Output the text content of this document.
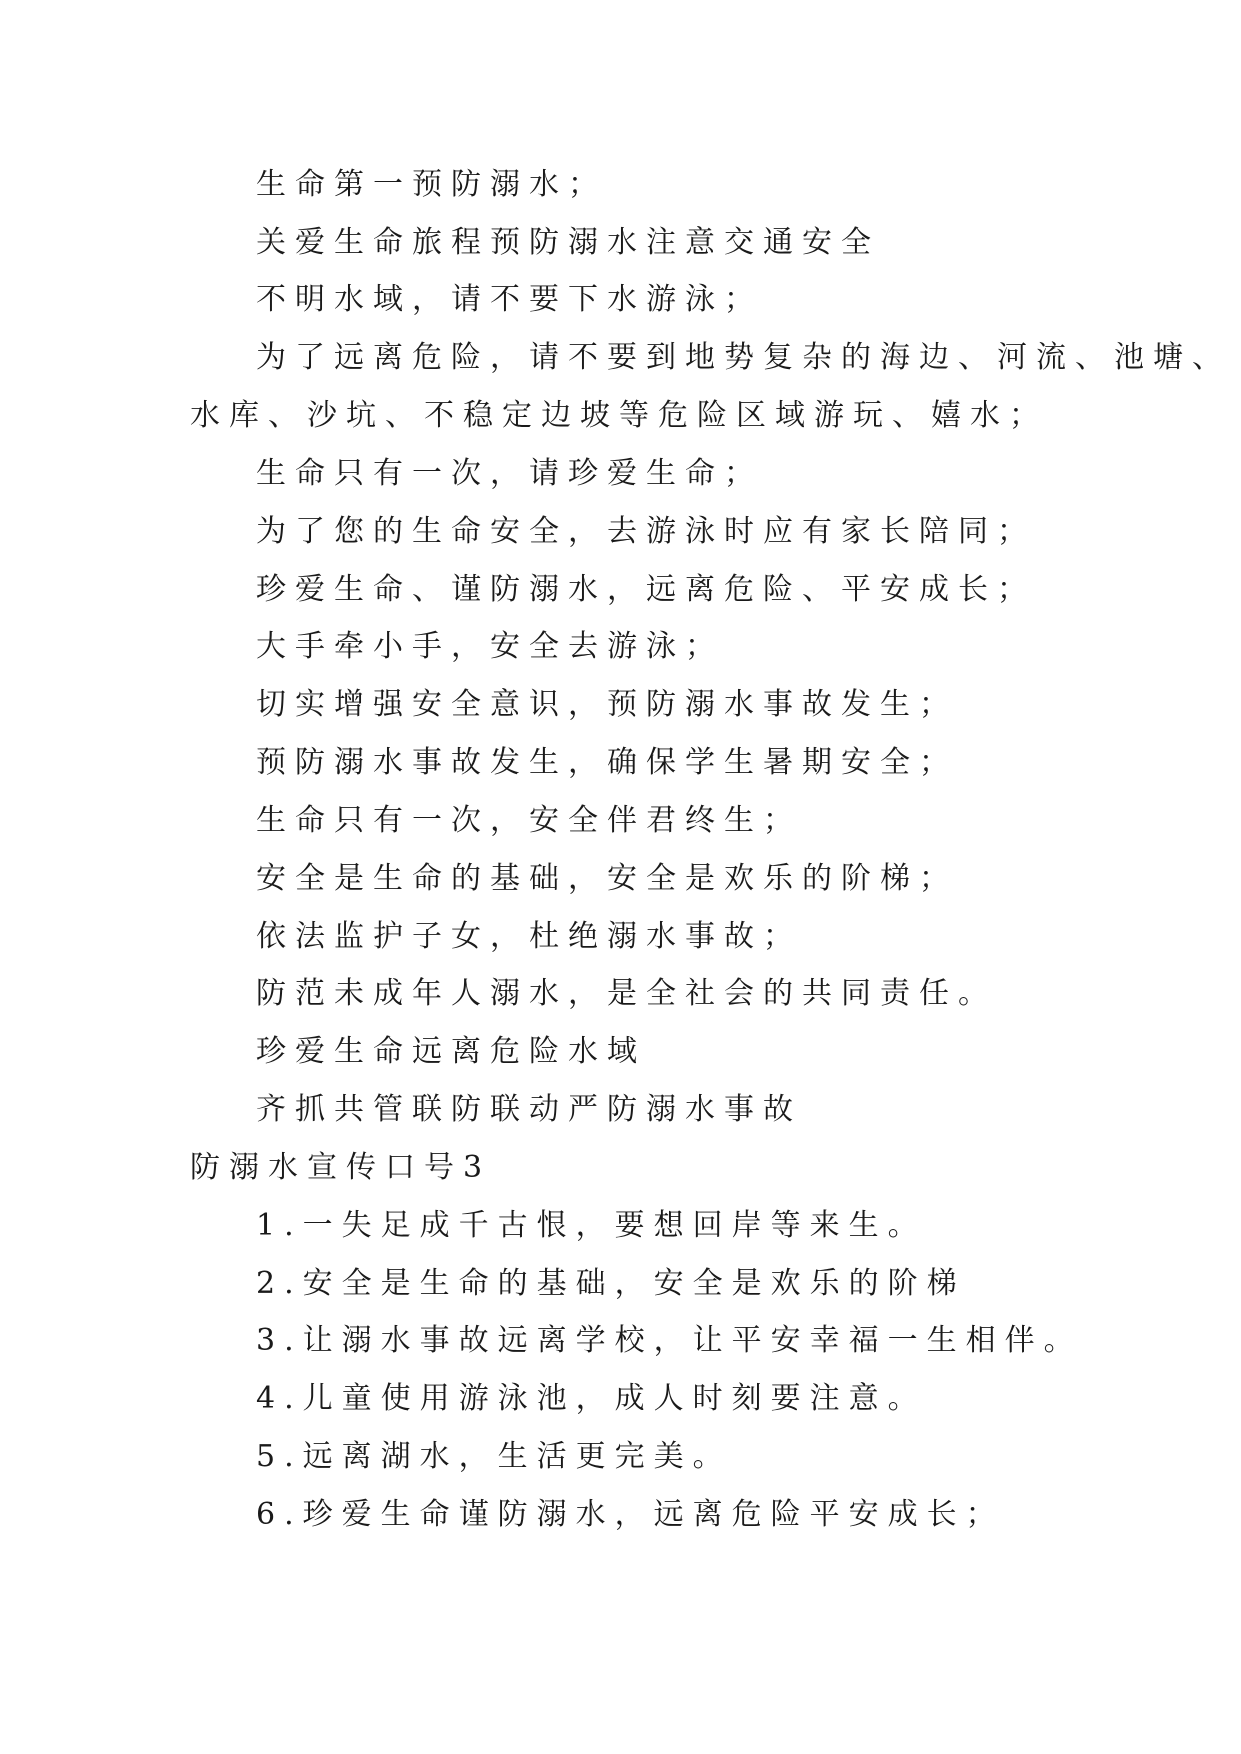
生命第一预防溺水；
关爱生命旅程预防溺水注意交通安全
不明水域，请不要下水游泳；
为了远离危险，请不要到地势复杂的海边、河流、池塘、
水库、沙坑、不稳定边坡等危险区域游玩、嬉水；
生命只有一次，请珍爱生命；
为了您的生命安全，去游泳时应有家长陪同；
珍爱生命、谨防溺水，远离危险、平安成长；
大手牵小手，安全去游泳；
切实增强安全意识，预防溺水事故发生；
预防溺水事故发生，确保学生暑期安全；
生命只有一次，安全伴君终生；
安全是生命的基础，安全是欢乐的阶梯；
依法监护子女，杜绝溺水事故；
防范未成年人溺水，是全社会的共同责任。
珍爱生命远离危险水域
齐抓共管联防联动严防溺水事故
防溺水宣传口号3
1.一失足成千古恨，要想回岸等来生。
2.安全是生命的基础，安全是欢乐的阶梯
3.让溺水事故远离学校，让平安幸福一生相伴。
4.儿童使用游泳池，成人时刻要注意。
5.远离湖水，生活更完美。
6.珍爱生命谨防溺水，远离危险平安成长；
